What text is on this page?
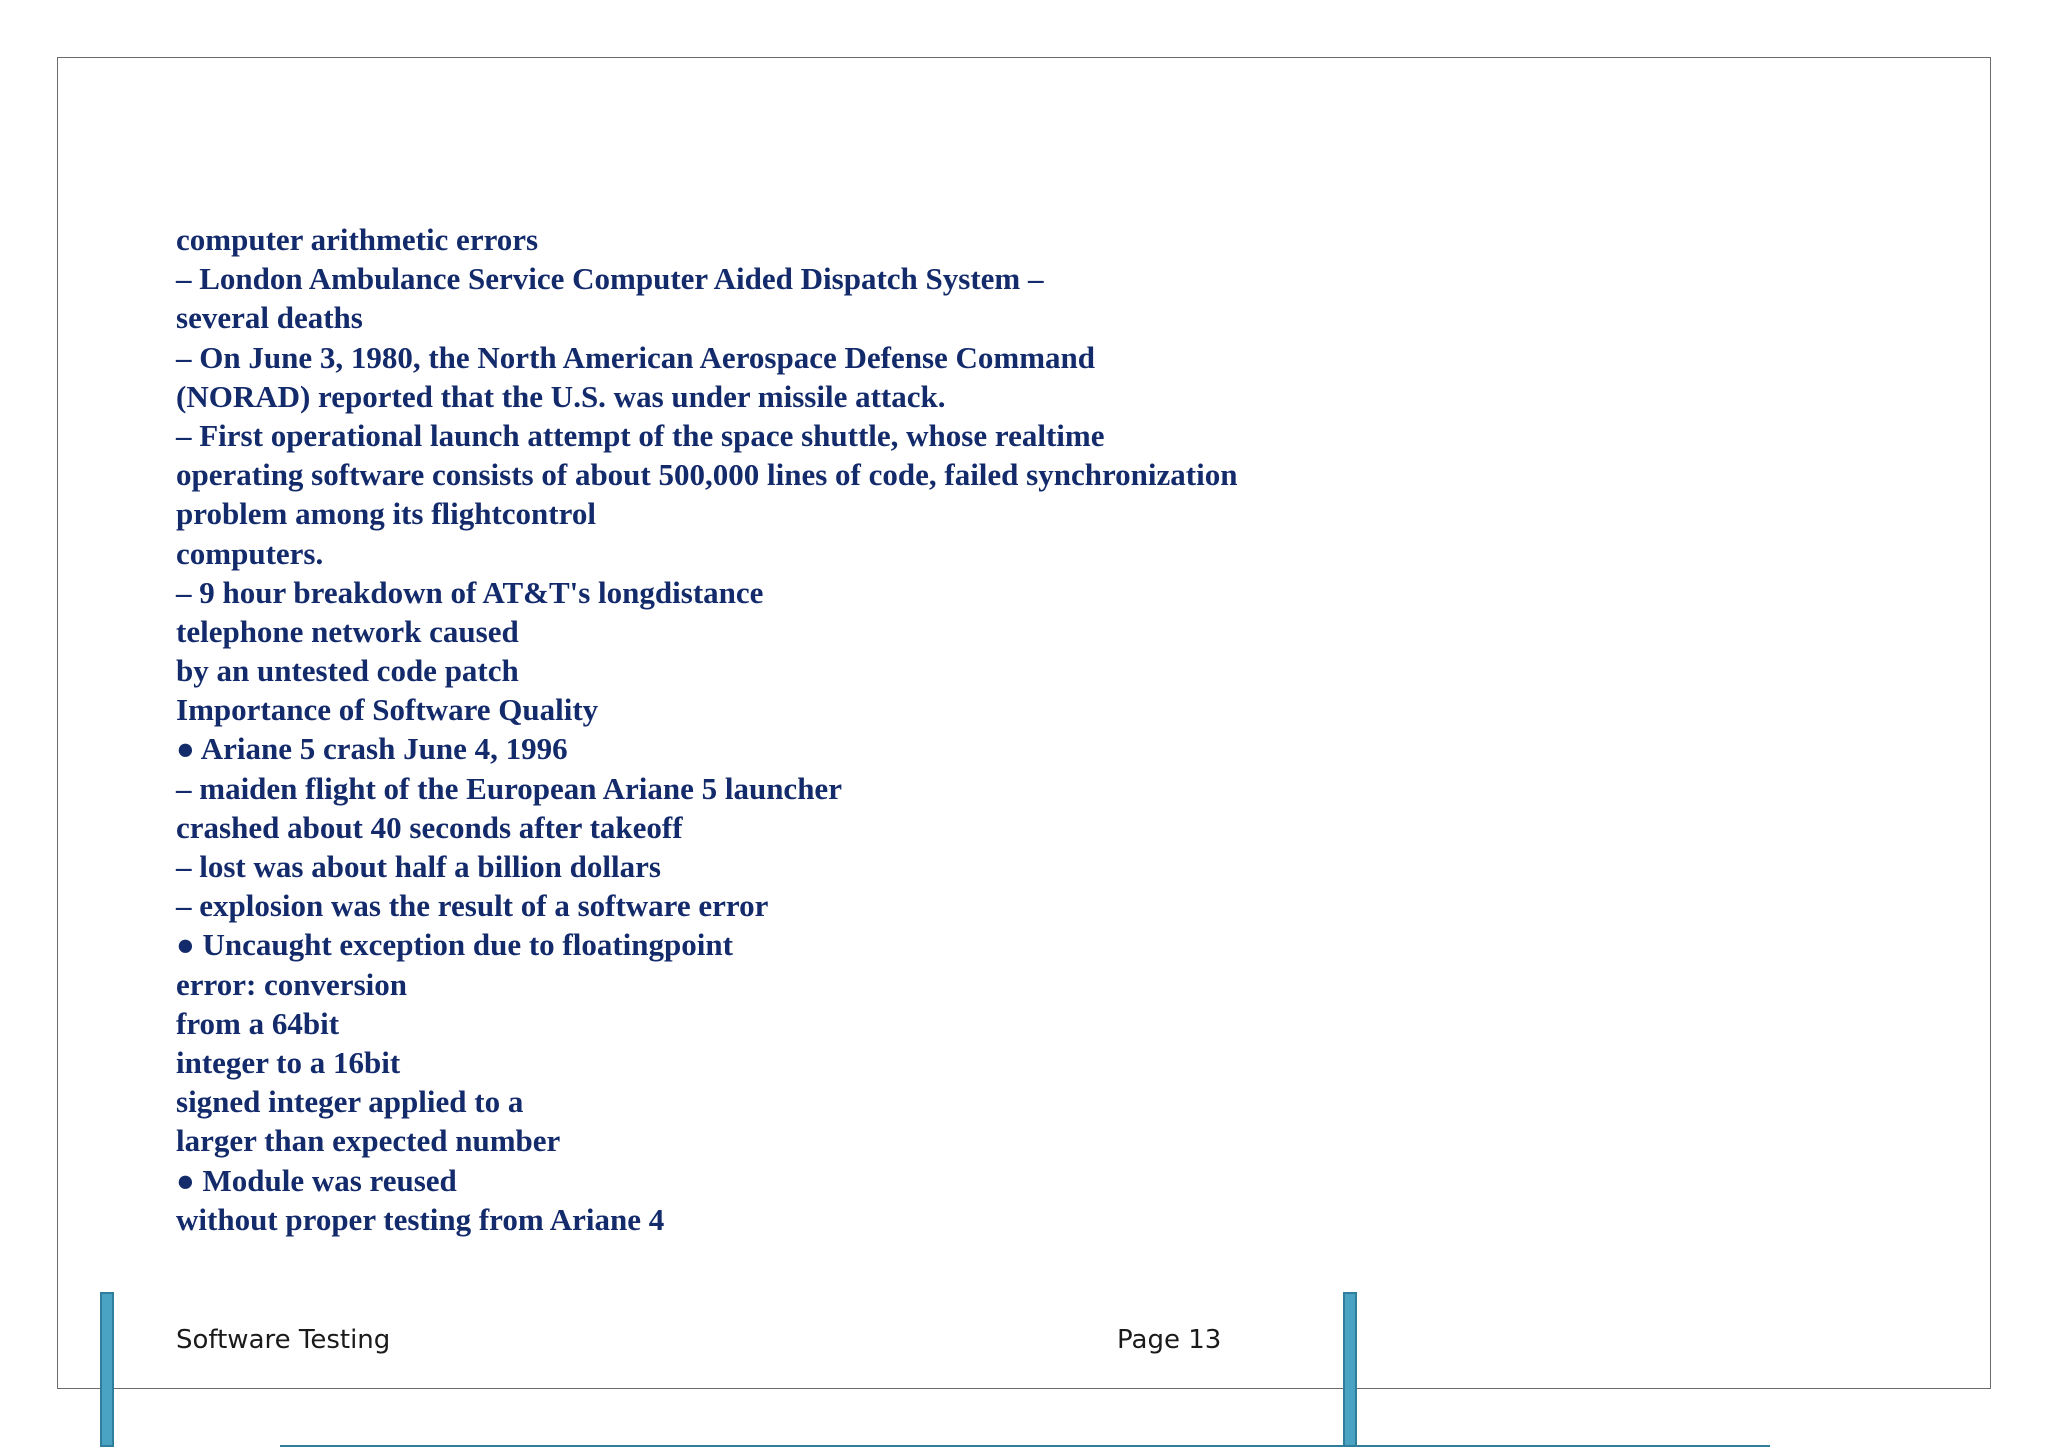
computer arithmetic errors
– London Ambulance Service Computer Aided Dispatch System –
several deaths
– On June 3, 1980, the North American Aerospace Defense Command
(NORAD) reported that the U.S. was under missile attack.
– First operational launch attempt of the space shuttle, whose realtime
operating software consists of about 500,000 lines of code, failed synchronization
problem among its flightcontrol
computers.
– 9 hour breakdown of AT&T's longdistance
telephone network caused
by an untested code patch
Importance of Software Quality
● Ariane 5 crash June 4, 1996
– maiden flight of the European Ariane 5 launcher
crashed about 40 seconds after takeoff
– lost was about half a billion dollars
– explosion was the result of a software error
● Uncaught exception due to floatingpoint
error: conversion
from a 64bit
integer to a 16bit
signed integer applied to a
larger than expected number
● Module was reused
without proper testing from Ariane 4
Software Testing	Page 13
